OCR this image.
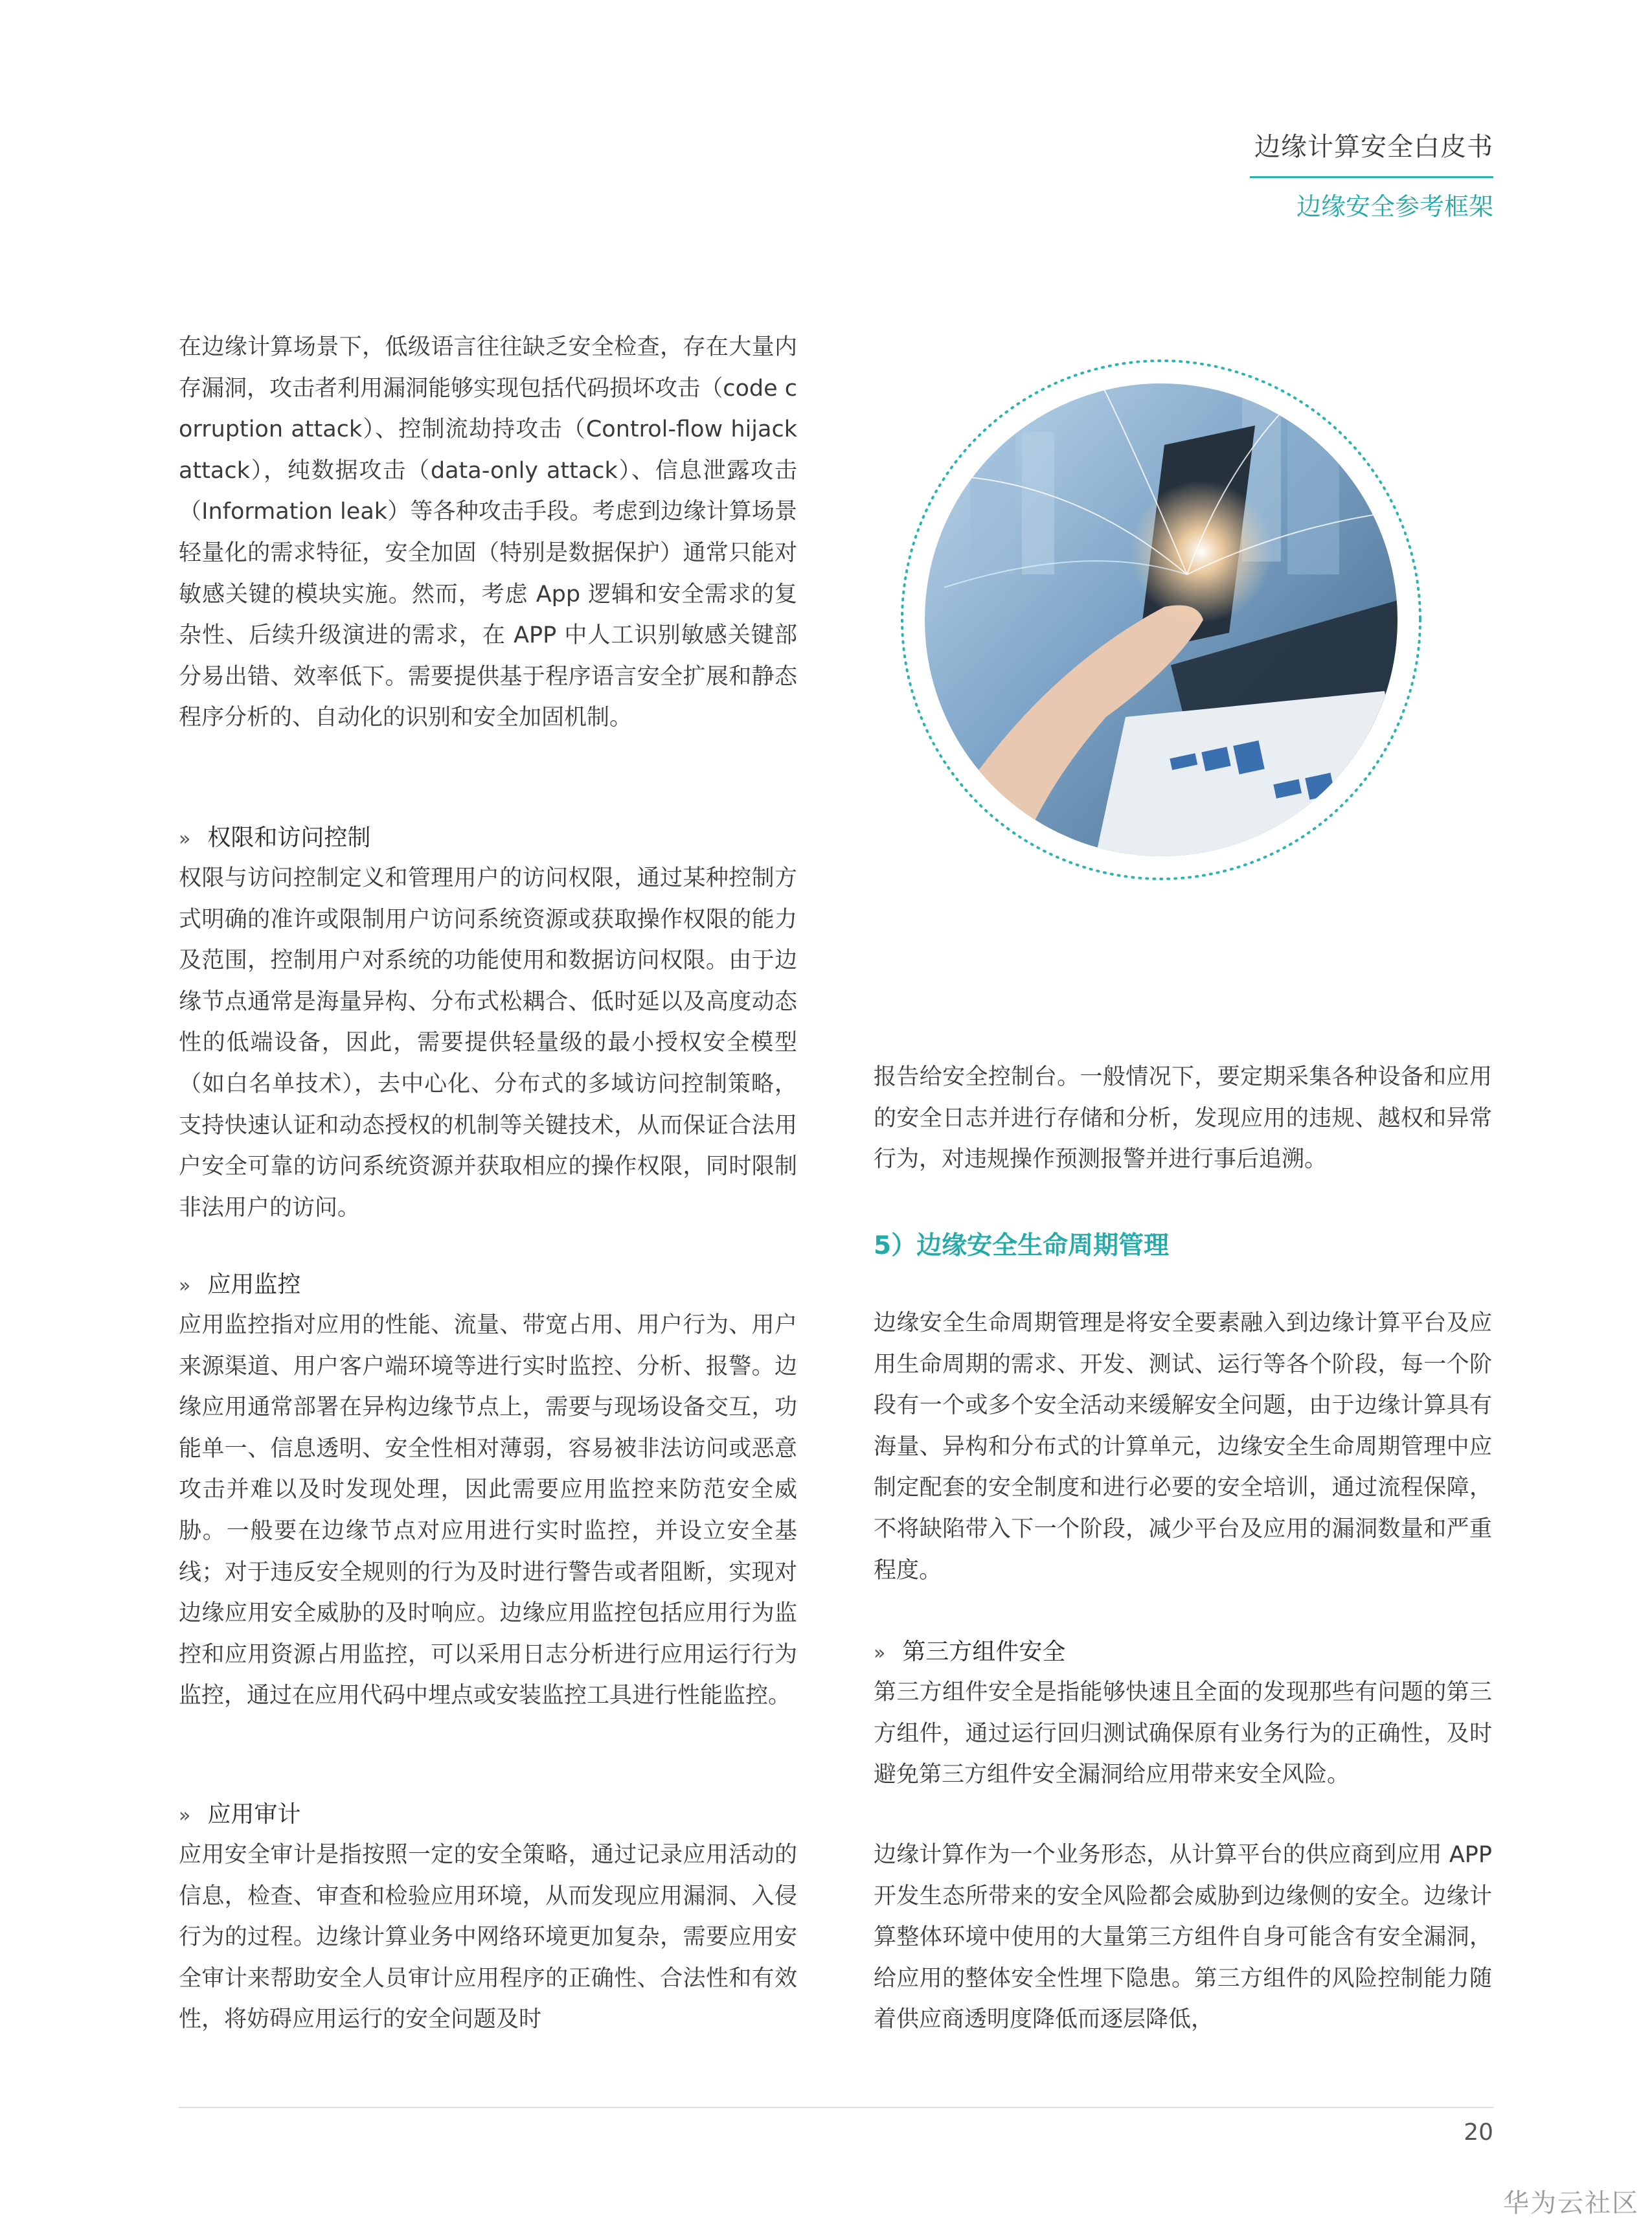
边缘计算安全白皮书
边缘安全参考框架
在边缘计算场景下，低级语言往往缺乏安全检查，存在大量内存漏洞，攻击者利用漏洞能够实现包括代码损坏攻击（code corruption attack）、控制流劫持攻击（Control-flow hijack attack），纯数据攻击（data-only attack）、信息泄露攻击（Information leak）等各种攻击手段。考虑到边缘计算场景轻量化的需求特征，安全加固（特别是数据保护）通常只能对敏感关键的模块实施。然而，考虑 App 逻辑和安全需求的复杂性、后续升级演进的需求，在 APP 中人工识别敏感关键部分易出错、效率低下。需要提供基于程序语言安全扩展和静态程序分析的、自动化的识别和安全加固机制。
» 权限和访问控制
权限与访问控制定义和管理用户的访问权限，通过某种控制方式明确的准许或限制用户访问系统资源或获取操作权限的能力及范围，控制用户对系统的功能使用和数据访问权限。由于边缘节点通常是海量异构、分布式松耦合、低时延以及高度动态性的低端设备，因此，需要提供轻量级的最小授权安全模型（如白名单技术），去中心化、分布式的多域访问控制策略，支持快速认证和动态授权的机制等关键技术，从而保证合法用户安全可靠的访问系统资源并获取相应的操作权限，同时限制非法用户的访问。
» 应用监控
应用监控指对应用的性能、流量、带宽占用、用户行为、用户来源渠道、用户客户端环境等进行实时监控、分析、报警。边缘应用通常部署在异构边缘节点上，需要与现场设备交互，功能单一、信息透明、安全性相对薄弱，容易被非法访问或恶意攻击并难以及时发现处理，因此需要应用监控来防范安全威胁。一般要在边缘节点对应用进行实时监控，并设立安全基线；对于违反安全规则的行为及时进行警告或者阻断，实现对边缘应用安全威胁的及时响应。边缘应用监控包括应用行为监控和应用资源占用监控，可以采用日志分析进行应用运行行为监控，通过在应用代码中埋点或安装监控工具进行性能监控。
» 应用审计
应用安全审计是指按照一定的安全策略，通过记录应用活动的信息，检查、审查和检验应用环境，从而发现应用漏洞、入侵行为的过程。边缘计算业务中网络环境更加复杂，需要应用安全审计来帮助安全人员审计应用程序的正确性、合法性和有效性，将妨碍应用运行的安全问题及时
报告给安全控制台。一般情况下，要定期采集各种设备和应用的安全日志并进行存储和分析，发现应用的违规、越权和异常行为，对违规操作预测报警并进行事后追溯。
5）边缘安全生命周期管理
边缘安全生命周期管理是将安全要素融入到边缘计算平台及应用生命周期的需求、开发、测试、运行等各个阶段，每一个阶段有一个或多个安全活动来缓解安全问题，由于边缘计算具有海量、异构和分布式的计算单元，边缘安全生命周期管理中应制定配套的安全制度和进行必要的安全培训，通过流程保障，不将缺陷带入下一个阶段，减少平台及应用的漏洞数量和严重程度。
» 第三方组件安全
第三方组件安全是指能够快速且全面的发现那些有问题的第三方组件，通过运行回归测试确保原有业务行为的正确性，及时避免第三方组件安全漏洞给应用带来安全风险。
边缘计算作为一个业务形态，从计算平台的供应商到应用 APP 开发生态所带来的安全风险都会威胁到边缘侧的安全。边缘计算整体环境中使用的大量第三方组件自身可能含有安全漏洞，给应用的整体安全性埋下隐患。第三方组件的风险控制能力随着供应商透明度降低而逐层降低，
20
华为云社区
